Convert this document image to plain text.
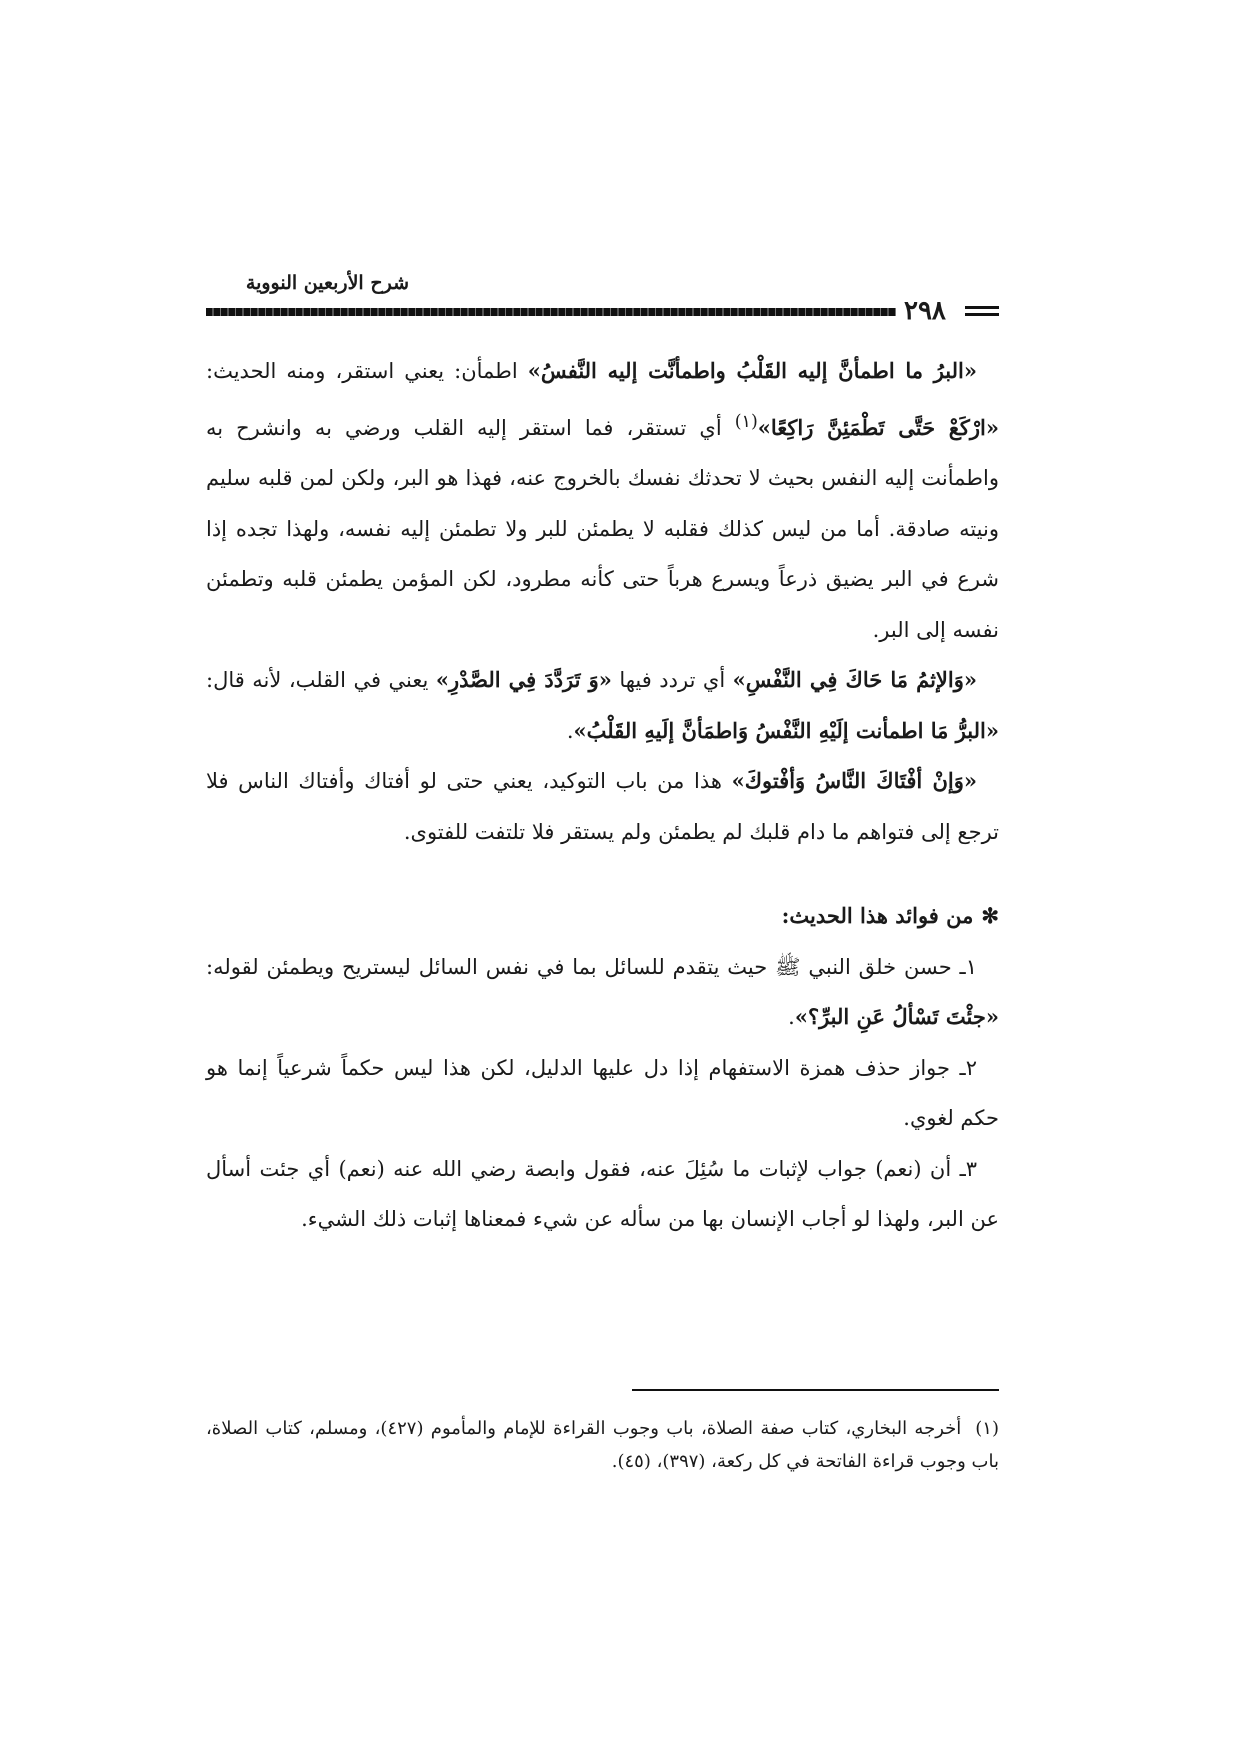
شرح الأربعين النووية
٢٩٨

«البرُ ما اطمأنَّ إليه القَلْبُ واطمأنَّت إليه النَّفسُ» اطمأن: يعني استقر، ومنه الحديث: «ارْكَعْ حَتَّى تَطْمَئِنَّ رَاكِعًا»$^{(١)}$ أي تستقر، فما استقر إليه القلب ورضي به وانشرح به واطمأنت إليه النفس بحيث لا تحدثك نفسك بالخروج عنه، فهذا هو البر، ولكن لمن قلبه سليم ونيته صادقة. أما من ليس كذلك فقلبه لا يطمئن للبر ولا تطمئن إليه نفسه، ولهذا تجده إذا شرع في البر يضيق ذرعاً ويسرع هرباً حتى كأنه مطرود، لكن المؤمن يطمئن قلبه وتطمئن نفسه إلى البر.

«وَالإثمُ مَا حَاكَ فِي النَّفْسِ» أي تردد فيها «وَ تَرَدَّدَ فِي الصَّدْرِ» يعني في القلب، لأنه قال: «البرُّ مَا اطمأنت إلَيْهِ النَّفْسُ وَاطمَأنَّ إلَيهِ القَلْبُ».

«وَإنْ أفْتَاكَ النَّاسُ وَأفْتوكَ» هذا من باب التوكيد، يعني حتى لو أفتاك وأفتاك الناس فلا ترجع إلى فتواهم ما دام قلبك لم يطمئن ولم يستقر فلا تلتفت للفتوى.

✻من فوائد هذا الحديث:

١ـ حسن خلق النبي ﷺ حيث يتقدم للسائل بما في نفس السائل ليستريح ويطمئن لقوله: «جئْتَ تَسْألُ عَنِ البرِّ؟».

٢ـ جواز حذف همزة الاستفهام إذا دل عليها الدليل، لكن هذا ليس حكماً شرعياً إنما هو حكم لغوي.

٣ـ أن (نعم) جواب لإثبات ما سُئِلَ عنه، فقول وابصة رضي الله عنه (نعم) أي جئت أسأل عن البر، ولهذا لو أجاب الإنسان بها من سأله عن شيء فمعناها إثبات ذلك الشيء.

(١)أخرجه البخاري، كتاب صفة الصلاة، باب وجوب القراءة للإمام والمأموم (٤٢٧)، ومسلم، كتاب الصلاة، باب وجوب قراءة الفاتحة في كل ركعة، (٣٩٧)، (٤٥).
